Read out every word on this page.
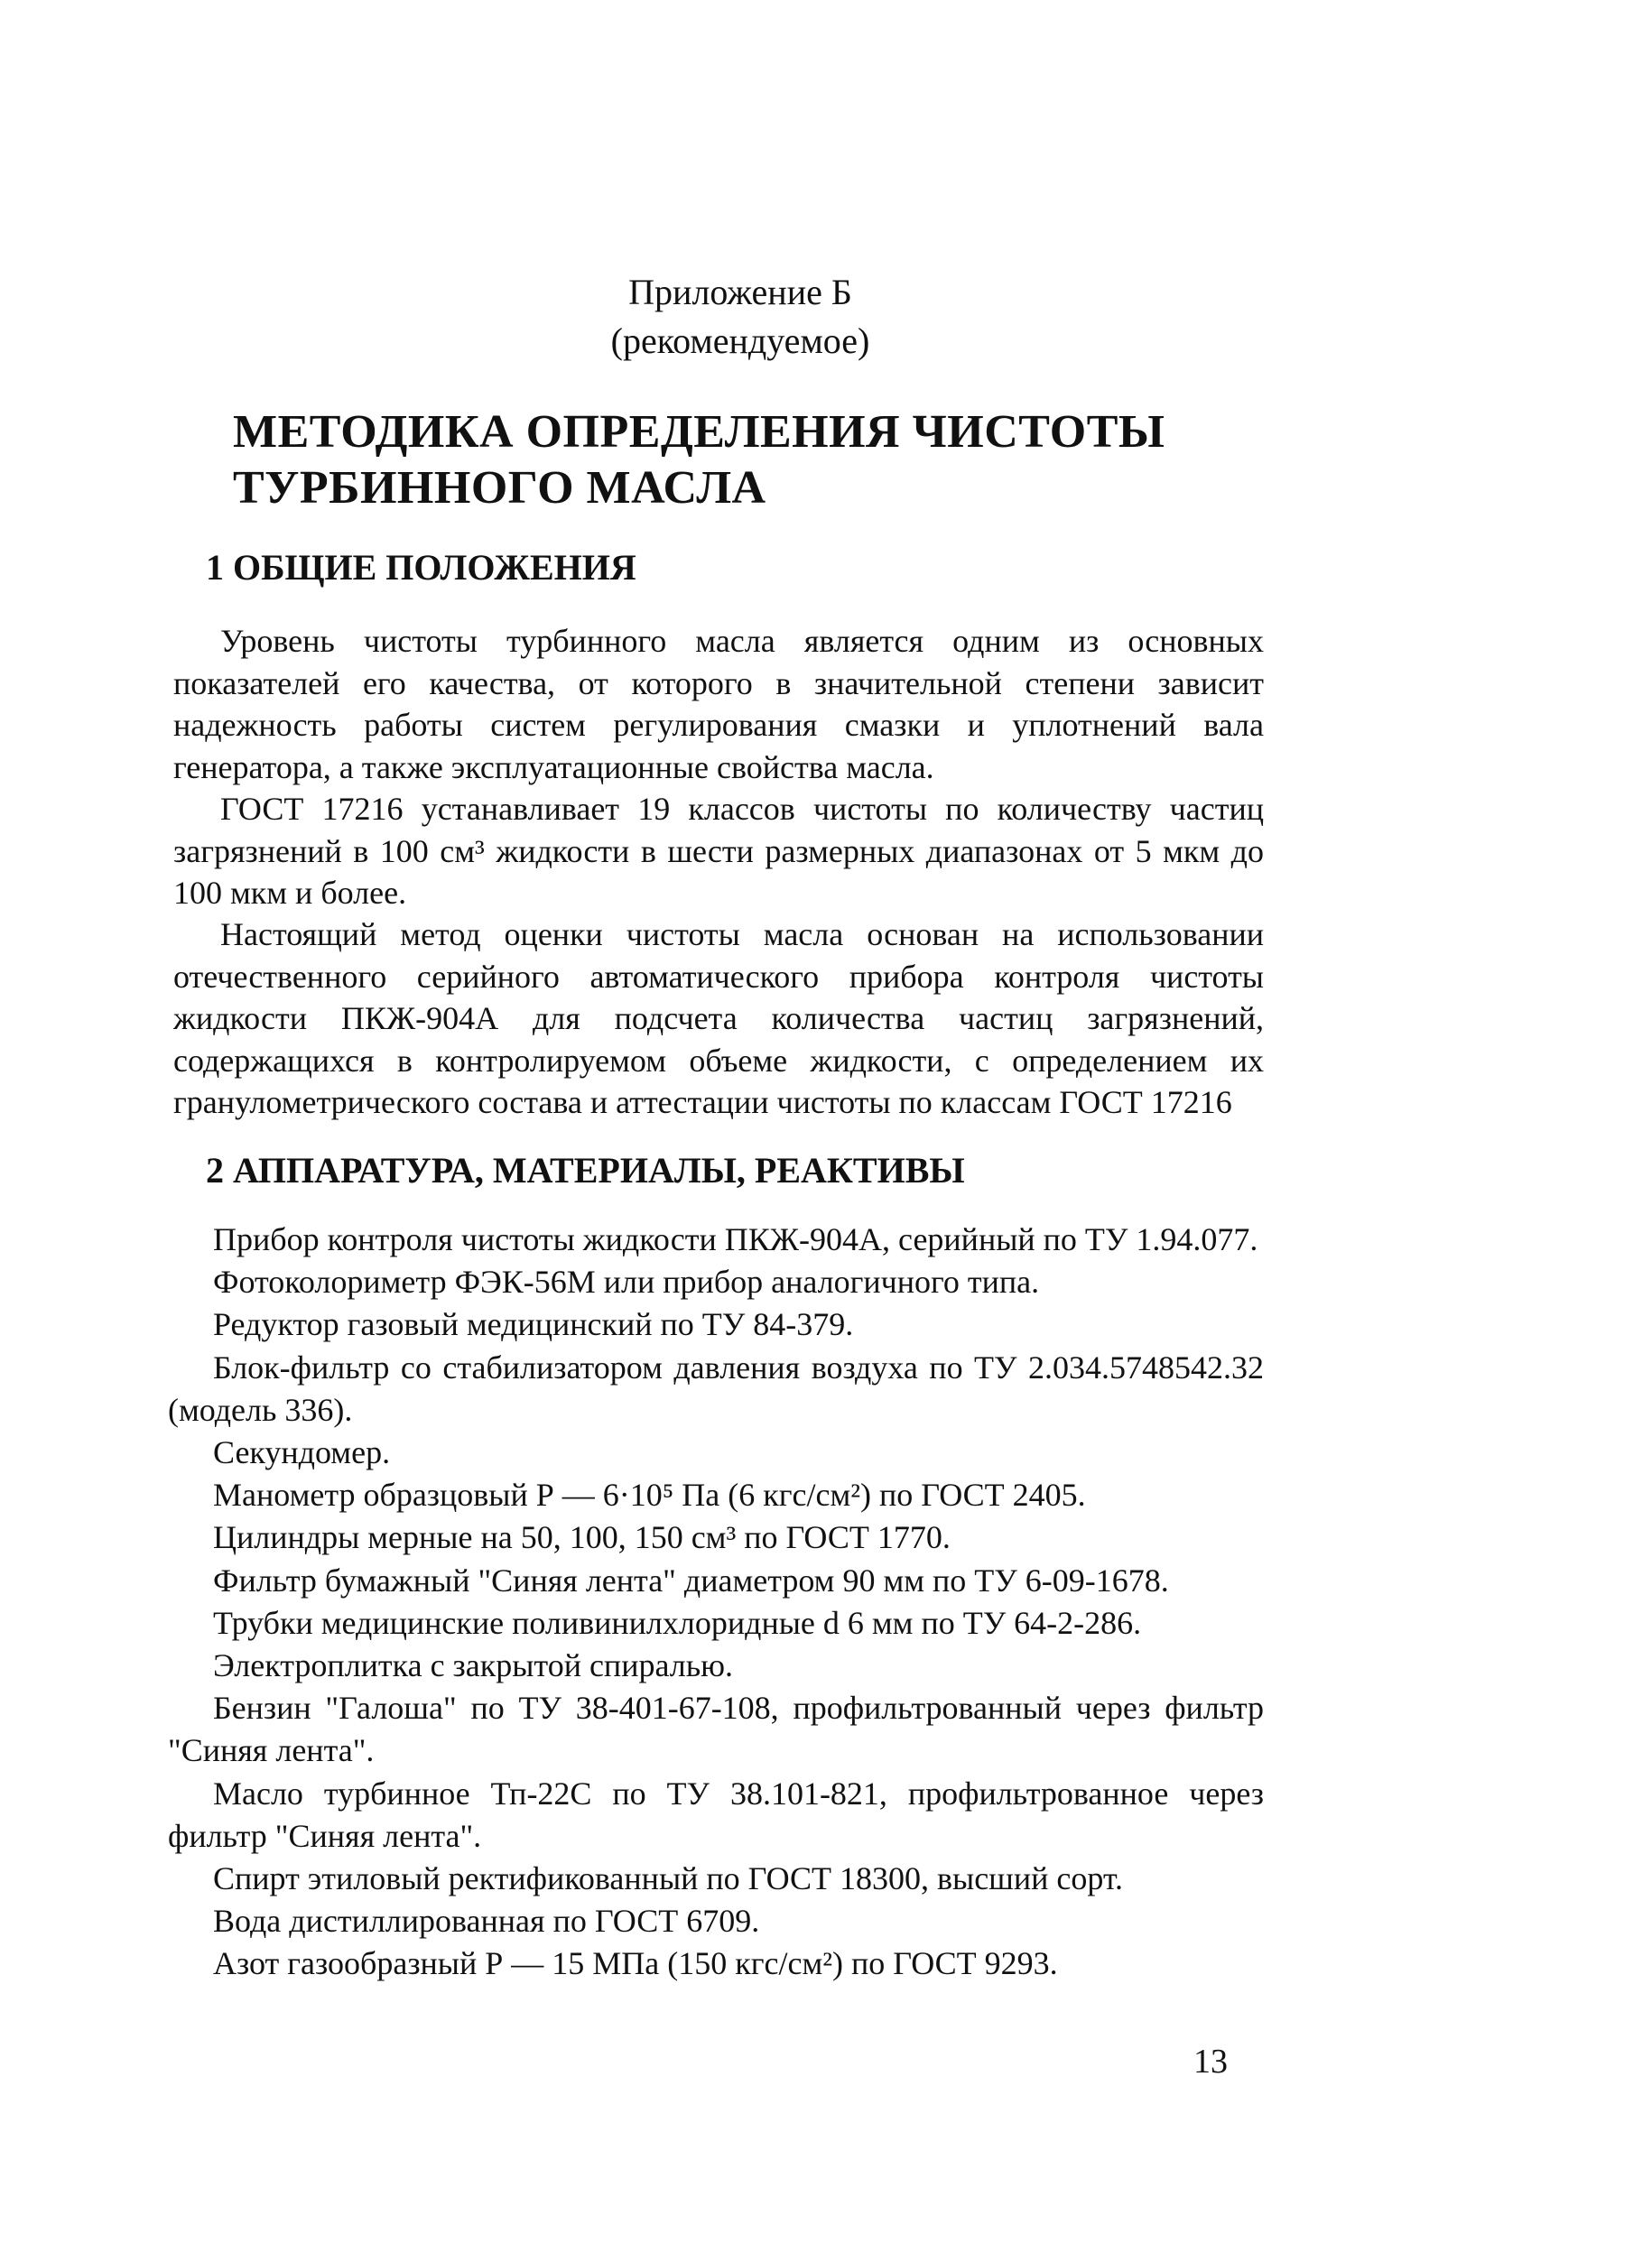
Приложение Б
(рекомендуемое)
МЕТОДИКА ОПРЕДЕЛЕНИЯ ЧИСТОТЫ
ТУРБИННОГО МАСЛА
1 ОБЩИЕ ПОЛОЖЕНИЯ
Уровень чистоты турбинного масла является одним из основных показателей его качества, от которого в значительной степени зависит надежность работы систем регулирования смазки и уплотнений вала генератора, а также эксплуатационные свойства масла.
ГОСТ 17216 устанавливает 19 классов чистоты по количеству частиц загрязнений в 100 см³ жидкости в шести размерных диапазонах от 5 мкм до 100 мкм и более.
Настоящий метод оценки чистоты масла основан на использовании отечественного серийного автоматического прибора контроля чистоты жидкости ПКЖ-904А для подсчета количества частиц загрязнений, содержащихся в контролируемом объеме жидкости, с определением их гранулометрического состава и аттестации чистоты по классам ГОСТ 17216
2 АППАРАТУРА, МАТЕРИАЛЫ, РЕАКТИВЫ
Прибор контроля чистоты жидкости ПКЖ-904А, серийный по ТУ 1.94.077.
Фотоколориметр ФЭК-56М или прибор аналогичного типа.
Редуктор газовый медицинский по ТУ 84-379.
Блок-фильтр со стабилизатором давления воздуха по ТУ 2.034.5748542.32 (модель 336).
Секундомер.
Манометр образцовый Р — 6·10⁵ Па (6 кгс/см²) по ГОСТ 2405.
Цилиндры мерные на 50, 100, 150 см³ по ГОСТ 1770.
Фильтр бумажный "Синяя лента" диаметром 90 мм по ТУ 6-09-1678.
Трубки медицинские поливинилхлоридные d 6 мм по ТУ 64-2-286.
Электроплитка с закрытой спиралью.
Бензин "Галоша" по ТУ 38-401-67-108, профильтрованный через фильтр "Синяя лента".
Масло турбинное Тп-22С по ТУ 38.101-821, профильтрованное через фильтр "Синяя лента".
Спирт этиловый ректификованный по ГОСТ 18300, высший сорт.
Вода дистиллированная по ГОСТ 6709.
Азот газообразный Р — 15 МПа (150 кгс/см²) по ГОСТ 9293.
13
